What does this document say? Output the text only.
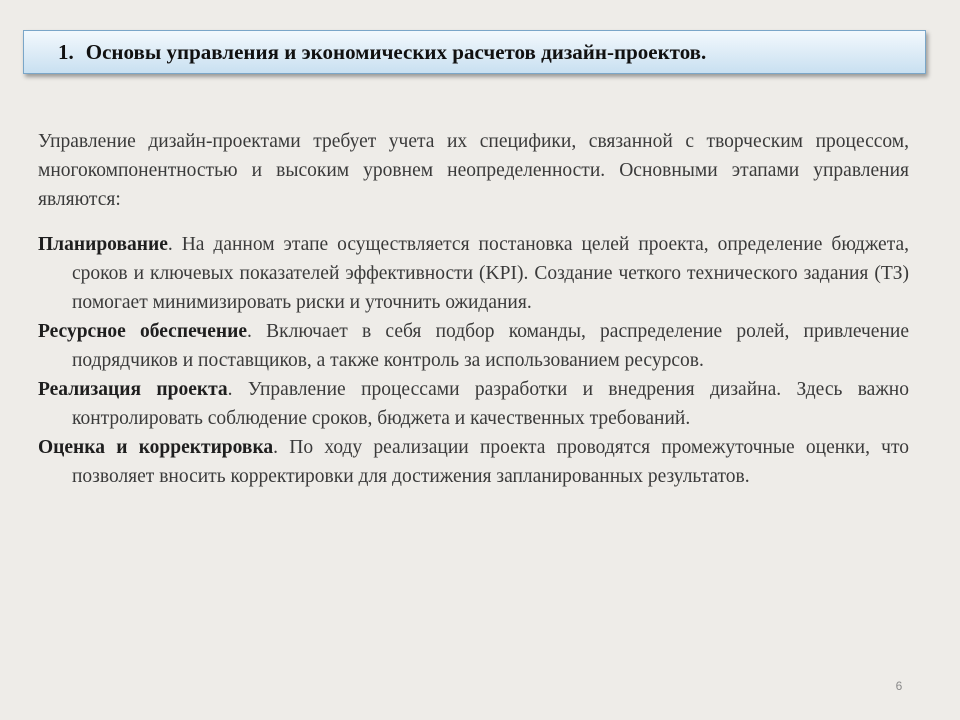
1. Основы управления и экономических расчетов дизайн-проектов.

Управление дизайн-проектами требует учета их специфики, связанной с творческим процессом, многокомпонентностью и высоким уровнем неопределенности. Основными этапами управления являются:

Планирование. На данном этапе осуществляется постановка целей проекта, определение бюджета, сроков и ключевых показателей эффективности (KPI). Создание четкого технического задания (ТЗ) помогает минимизировать риски и уточнить ожидания.

Ресурсное обеспечение. Включает в себя подбор команды, распределение ролей, привлечение подрядчиков и поставщиков, а также контроль за использованием ресурсов.

Реализация проекта. Управление процессами разработки и внедрения дизайна. Здесь важно контролировать соблюдение сроков, бюджета и качественных требований.

Оценка и корректировка. По ходу реализации проекта проводятся промежуточные оценки, что позволяет вносить корректировки для достижения запланированных результатов.

6
